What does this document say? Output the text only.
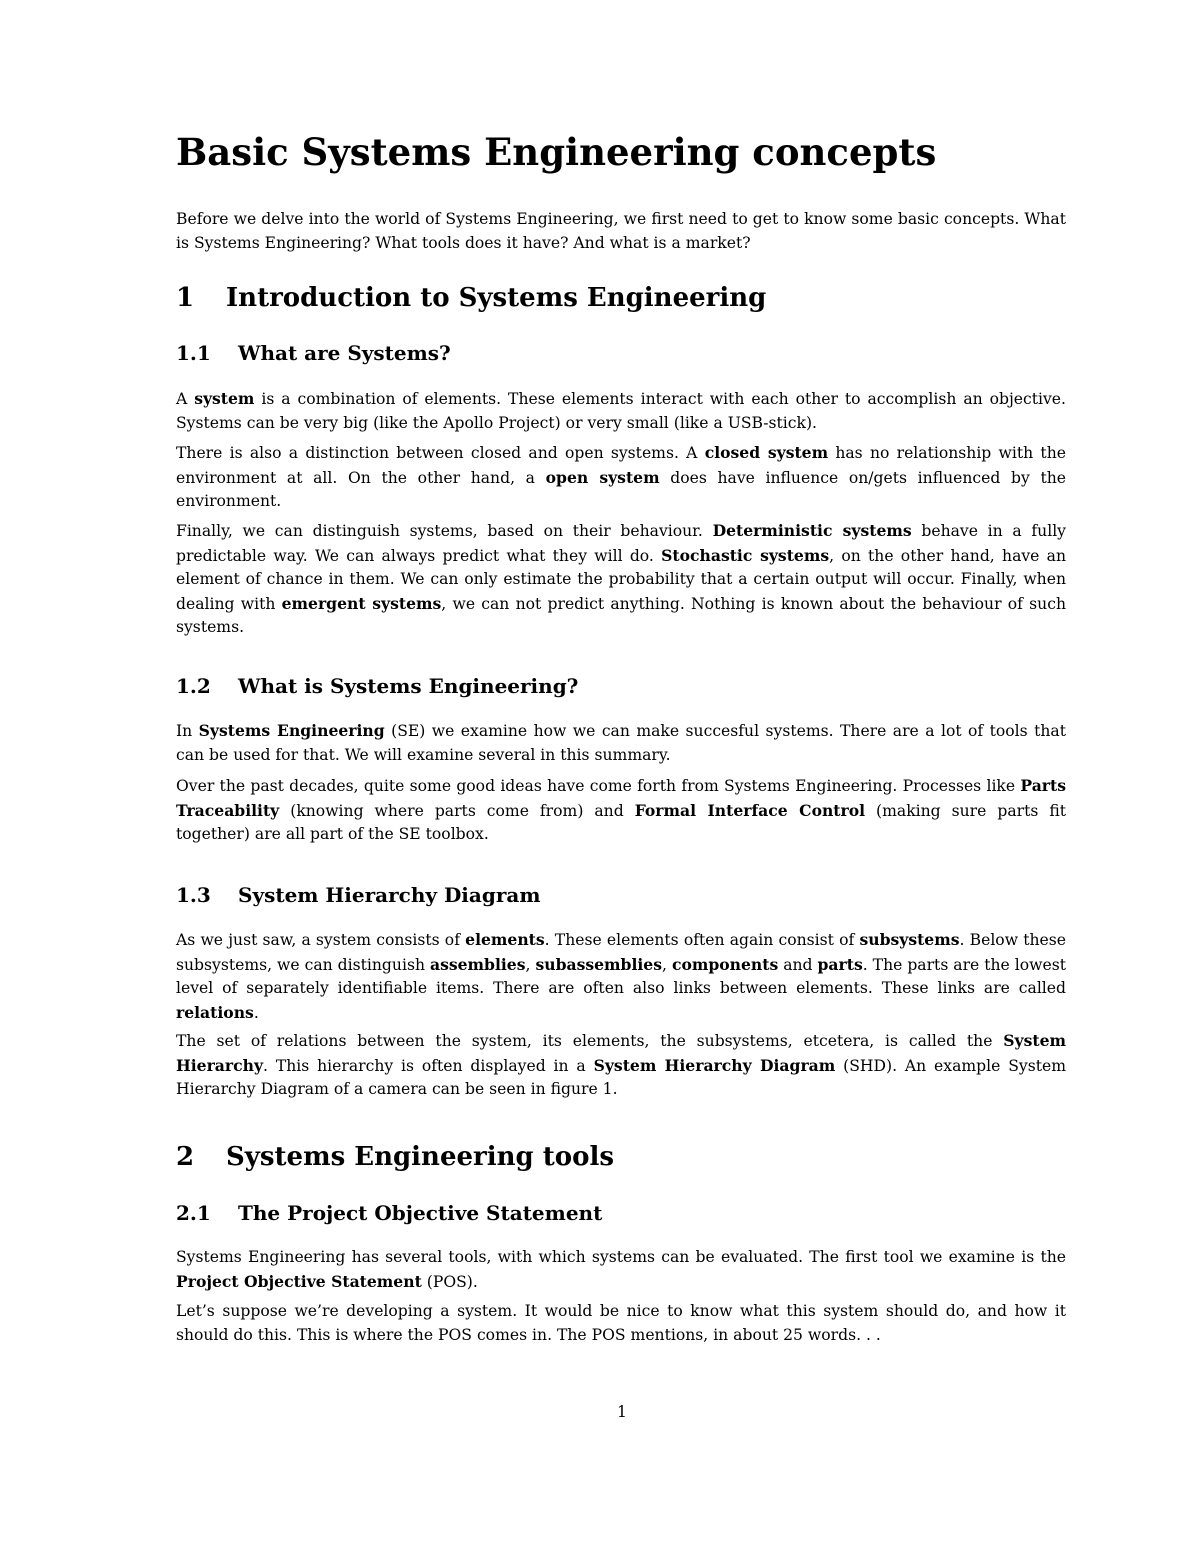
Basic Systems Engineering concepts

Before we delve into the world of Systems Engineering, we first need to get to know some basic concepts. What is Systems Engineering? What tools does it have? And what is a market?

1 Introduction to Systems Engineering
1.1 What are Systems?

A system is a combination of elements. These elements interact with each other to accomplish an objective. Systems can be very big (like the Apollo Project) or very small (like a USB-stick).

There is also a distinction between closed and open systems. A closed system has no relationship with the environment at all. On the other hand, a open system does have influence on/gets influenced by the environment.

Finally, we can distinguish systems, based on their behaviour. Deterministic systems behave in a fully predictable way. We can always predict what they will do. Stochastic systems, on the other hand, have an element of chance in them. We can only estimate the probability that a certain output will occur. Finally, when dealing with emergent systems, we can not predict anything. Nothing is known about the behaviour of such systems.

1.2 What is Systems Engineering?

In Systems Engineering (SE) we examine how we can make succesful systems. There are a lot of tools that can be used for that. We will examine several in this summary.

Over the past decades, quite some good ideas have come forth from Systems Engineering. Processes like Parts Traceability (knowing where parts come from) and Formal Interface Control (making sure parts fit together) are all part of the SE toolbox.

1.3 System Hierarchy Diagram

As we just saw, a system consists of elements. These elements often again consist of subsystems. Below these subsystems, we can distinguish assemblies, subassemblies, components and parts. The parts are the lowest level of separately identifiable items. There are often also links between elements. These links are called relations.

The set of relations between the system, its elements, the subsystems, etcetera, is called the System Hierarchy. This hierarchy is often displayed in a System Hierarchy Diagram (SHD). An example System Hierarchy Diagram of a camera can be seen in figure 1.

2 Systems Engineering tools
2.1 The Project Objective Statement

Systems Engineering has several tools, with which systems can be evaluated. The first tool we examine is the Project Objective Statement (POS).

Let’s suppose we’re developing a system. It would be nice to know what this system should do, and how it should do this. This is where the POS comes in. The POS mentions, in about 25 words. . .

1
